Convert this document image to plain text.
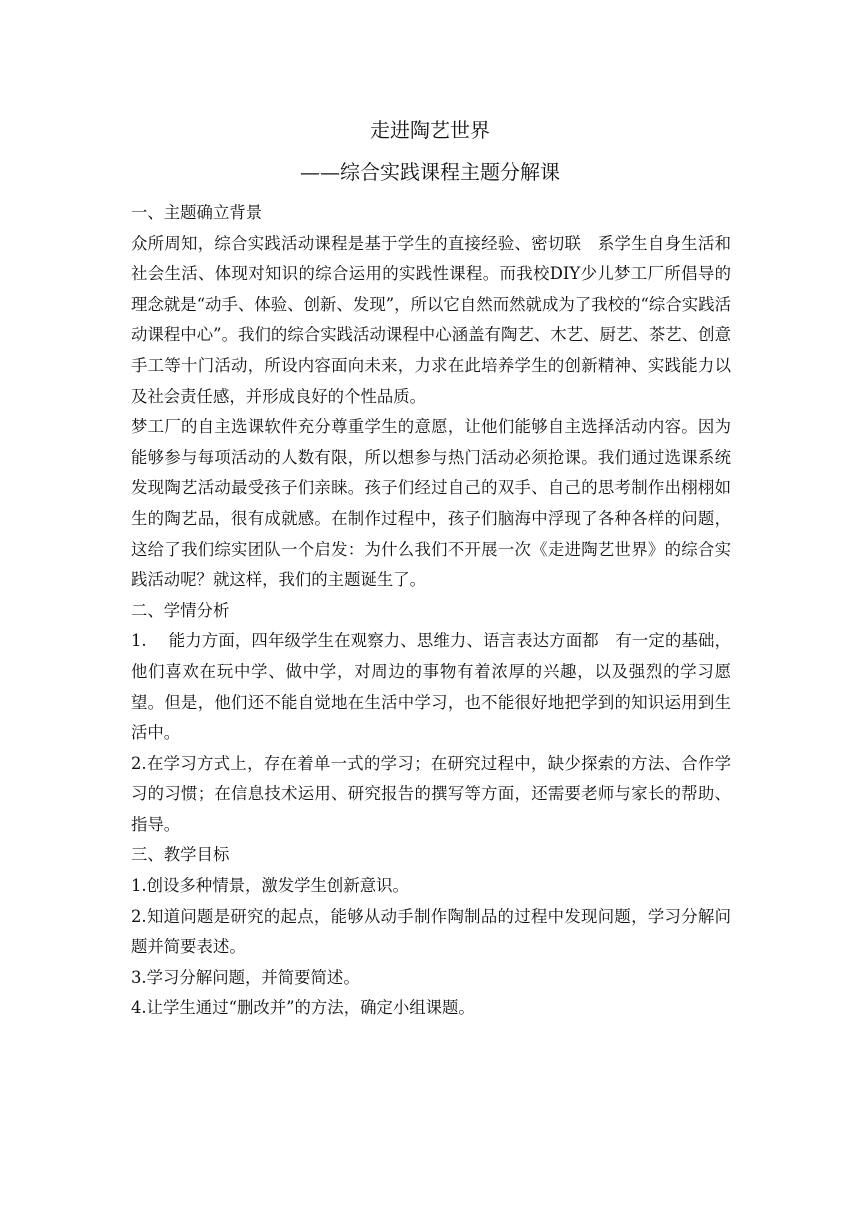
走进陶艺世界
——综合实践课程主题分解课

一、主题确立背景

众所周知，综合实践活动课程是基于学生的直接经验、密切联　系学生自身生活和社会生活、体现对知识的综合运用的实践性课程。而我校DIY少儿梦工厂所倡导的理念就是“动手、体验、创新、发现”，所以它自然而然就成为了我校的“综合实践活动课程中心”。我们的综合实践活动课程中心涵盖有陶艺、木艺、厨艺、茶艺、创意手工等十门活动，所设内容面向未来，力求在此培养学生的创新精神、实践能力以及社会责任感，并形成良好的个性品质。

梦工厂的自主选课软件充分尊重学生的意愿，让他们能够自主选择活动内容。因为能够参与每项活动的人数有限，所以想参与热门活动必须抢课。我们通过选课系统发现陶艺活动最受孩子们亲睐。孩子们经过自己的双手、自己的思考制作出栩栩如生的陶艺品，很有成就感。在制作过程中，孩子们脑海中浮现了各种各样的问题，这给了我们综实团队一个启发：为什么我们不开展一次《走进陶艺世界》的综合实践活动呢？就这样，我们的主题诞生了。

二、学情分析

1.　 能力方面，四年级学生在观察力、思维力、语言表达方面都　有一定的基础，他们喜欢在玩中学、做中学，对周边的事物有着浓厚的兴趣，以及强烈的学习愿望。但是，他们还不能自觉地在生活中学习，也不能很好地把学到的知识运用到生活中。

2.在学习方式上，存在着单一式的学习；在研究过程中，缺少探索的方法、合作学习的习惯；在信息技术运用、研究报告的撰写等方面，还需要老师与家长的帮助、指导。

三、教学目标

1.创设多种情景，激发学生创新意识。

2.知道问题是研究的起点，能够从动手制作陶制品的过程中发现问题，学习分解问题并简要表述。

3.学习分解问题，并简要简述。

4.让学生通过“删改并”的方法，确定小组课题。
